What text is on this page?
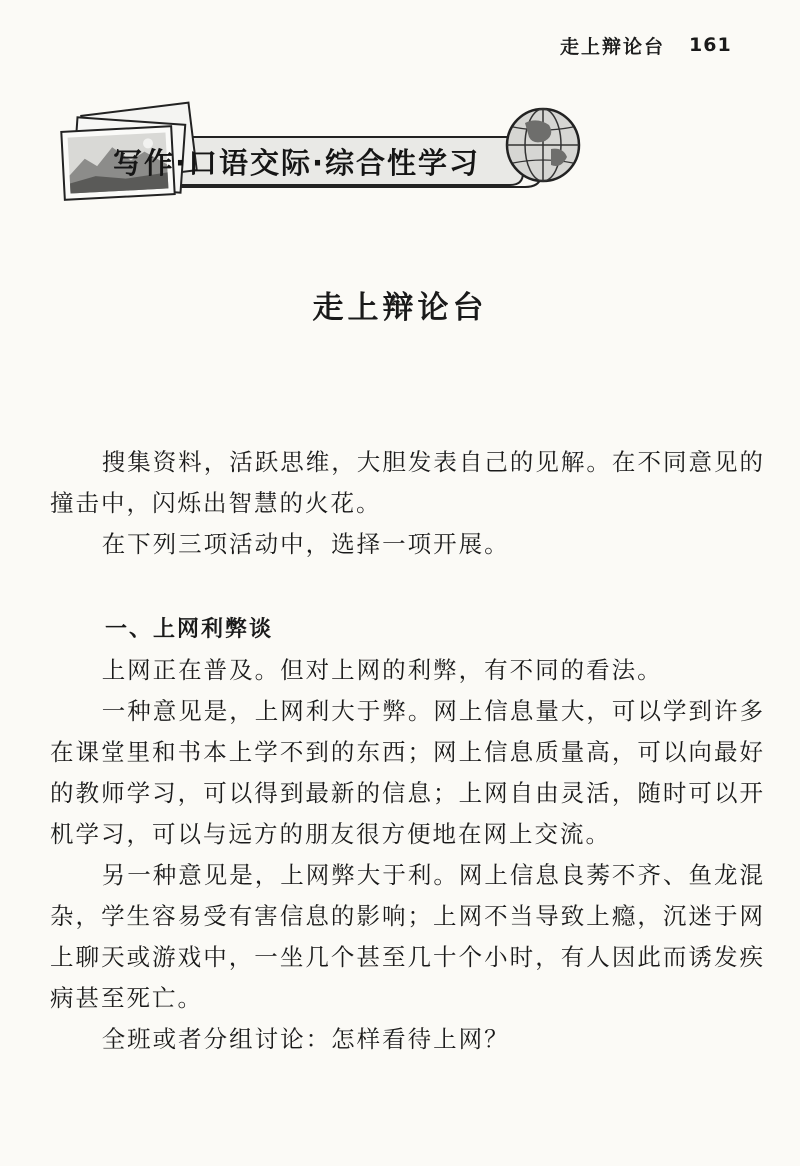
走上辩论台 161
写作·口语交际·综合性学习
走上辩论台

搜集资料，活跃思维，大胆发表自己的见解。在不同意见的撞击中，闪烁出智慧的火花。

在下列三项活动中，选择一项开展。

一、上网利弊谈

上网正在普及。但对上网的利弊，有不同的看法。

一种意见是，上网利大于弊。网上信息量大，可以学到许多在课堂里和书本上学不到的东西；网上信息质量高，可以向最好的教师学习，可以得到最新的信息；上网自由灵活，随时可以开机学习，可以与远方的朋友很方便地在网上交流。

另一种意见是，上网弊大于利。网上信息良莠不齐、鱼龙混杂，学生容易受有害信息的影响；上网不当导致上瘾，沉迷于网上聊天或游戏中，一坐几个甚至几十个小时，有人因此而诱发疾病甚至死亡。

全班或者分组讨论：怎样看待上网？
